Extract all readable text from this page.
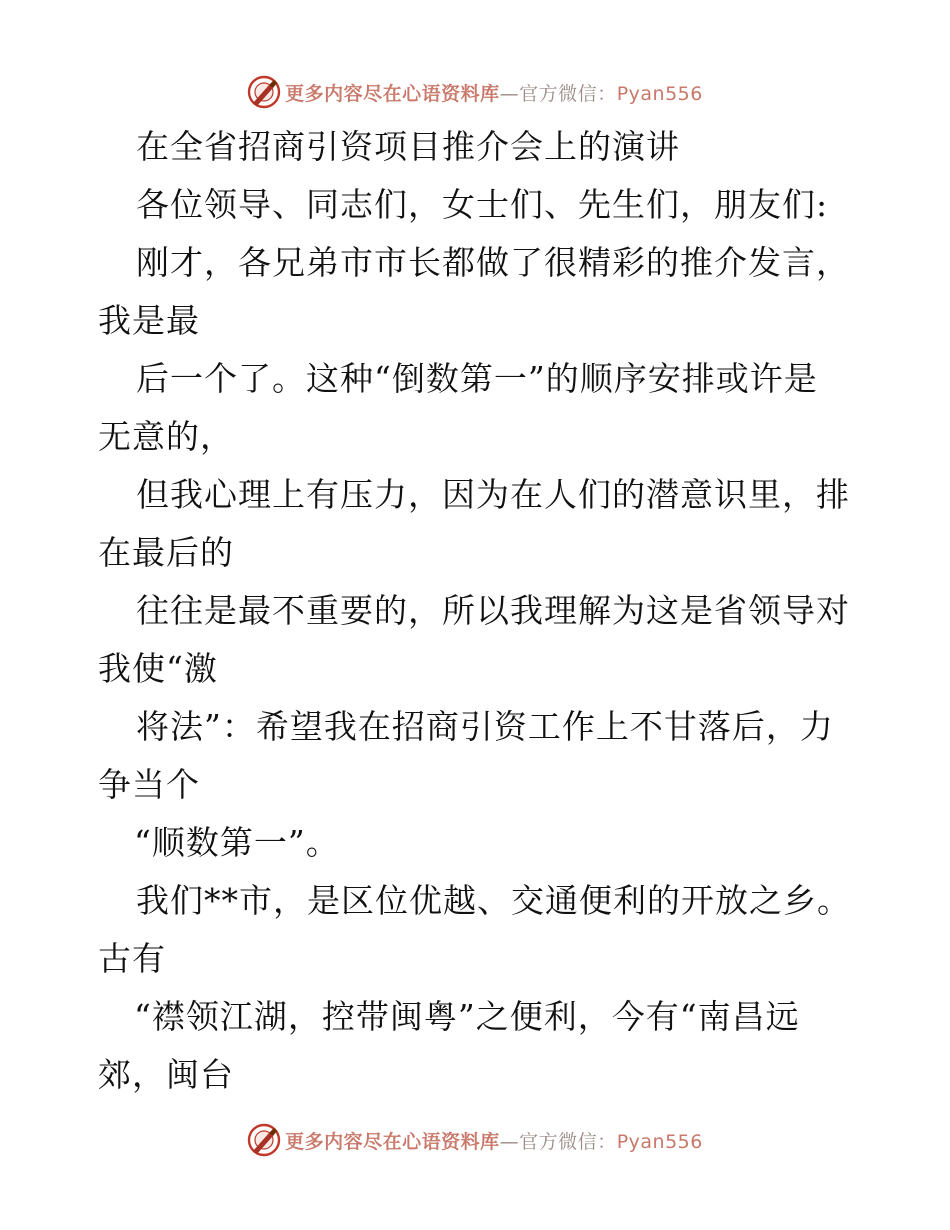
更多内容尽在心语资料库—官方微信：Pyan556
在全省招商引资项目推介会上的演讲
各位领导、同志们，女士们、先生们，朋友们:
刚才，各兄弟市市长都做了很精彩的推介发言，
我是最
后一个了。这种“倒数第一”的顺序安排或许是
无意的，
但我心理上有压力，因为在人们的潜意识里，排
在最后的
往往是最不重要的，所以我理解为这是省领导对
我使“激
将法”：希望我在招商引资工作上不甘落后，力
争当个
“顺数第一”。
我们**市，是区位优越、交通便利的开放之乡。
古有
“襟领江湖，控带闽粤”之便利，今有“南昌远
郊，闽台
更多内容尽在心语资料库—官方微信：Pyan556
